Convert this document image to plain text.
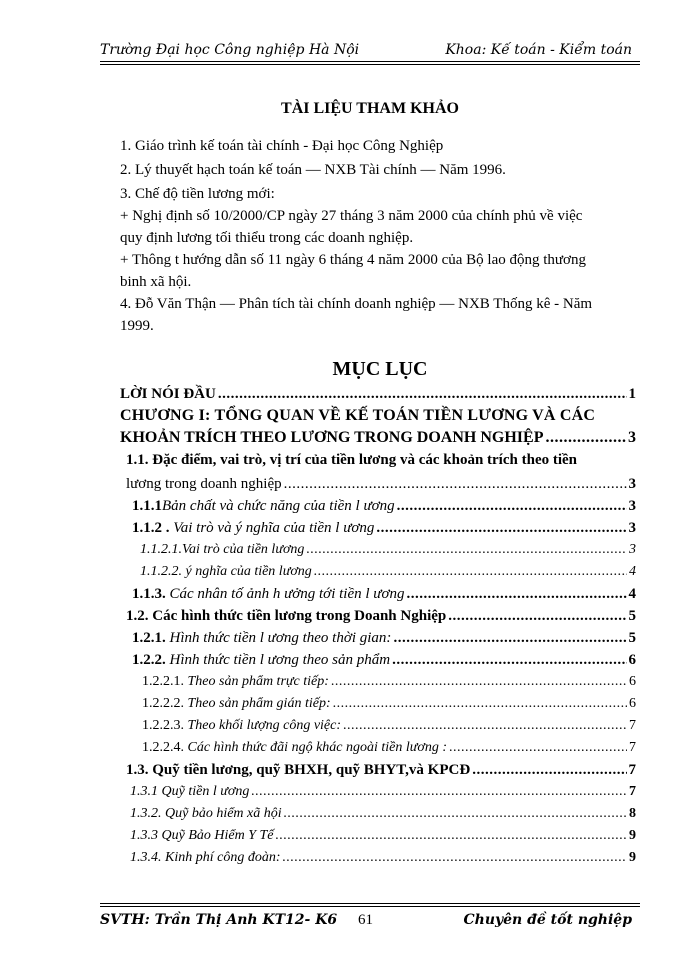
Trường Đại học Công nghiệp Hà Nội	Khoa: Kế toán - Kiểm toán
TÀI LIỆU THAM KHẢO
1. Giáo trình kế toán tài chính - Đại học Công Nghiệp
2. Lý thuyết hạch toán kế toán — NXB Tài chính — Năm 1996.
3. Chế độ tiền lương mới:
+ Nghị định số 10/2000/CP ngày 27 tháng 3 năm 2000 của chính phủ về việc
quy định lương tối thiểu trong các doanh nghiệp.
+ Thông t hướng dẫn số 11 ngày 6 tháng 4 năm 2000 của Bộ lao động thương
binh xã hội.
4. Đỗ Văn Thận — Phân tích tài chính doanh nghiệp — NXB Thống kê - Năm
1999.
MỤC LỤC
LỜI NÓI ĐẦU .....	1
CHƯƠNG I: TỔNG QUAN VỀ KẾ TOÁN TIỀN LƯƠNG VÀ CÁC
KHOẢN TRÍCH THEO LƯƠNG TRONG DOANH NGHIỆP .....	3
1.1. Đặc điểm, vai trò, vị trí của tiền lương và các khoản trích theo tiền
lương trong doanh nghiệp .....	3
1.1.1Bản chất và chức năng của tiền l ương .....	3
1.1.2 . Vai trò và ý nghĩa của tiền l ương .....	3
1.1.2.1.Vai trò của tiền lương .....	3
1.1.2.2. ý nghĩa của tiền lương .....	4
1.1.3. Các nhân tố ảnh h ưởng tới tiền l ương .....	4
1.2. Các hình thức tiền lương trong Doanh Nghiệp .....	5
1.2.1. Hình thức tiền l ương theo thời gian: .....	5
1.2.2. Hình thức tiền l ương theo sản phẩm .....	6
1.2.2.1. Theo sản phẩm trực tiếp: .....	6
1.2.2.2. Theo sản phẩm gián tiếp: .....	6
1.2.2.3. Theo khối lượng công việc: .....	7
1.2.2.4. Các hình thức đãi ngộ khác ngoài tiền lương : .....	7
1.3. Quỹ tiền lương, quỹ BHXH, quỹ BHYT,và KPCĐ .....	7
1.3.1 Quỹ tiền l ương .....	7
1.3.2. Quỹ bảo hiểm xã hội .....	8
1.3.3 Quỹ Bảo Hiểm Y Tế .....	9
1.3.4. Kinh phí công đoàn: .....	9
SVTH: Trần Thị Anh KT12- K6 61	Chuyên đề tốt nghiệp
